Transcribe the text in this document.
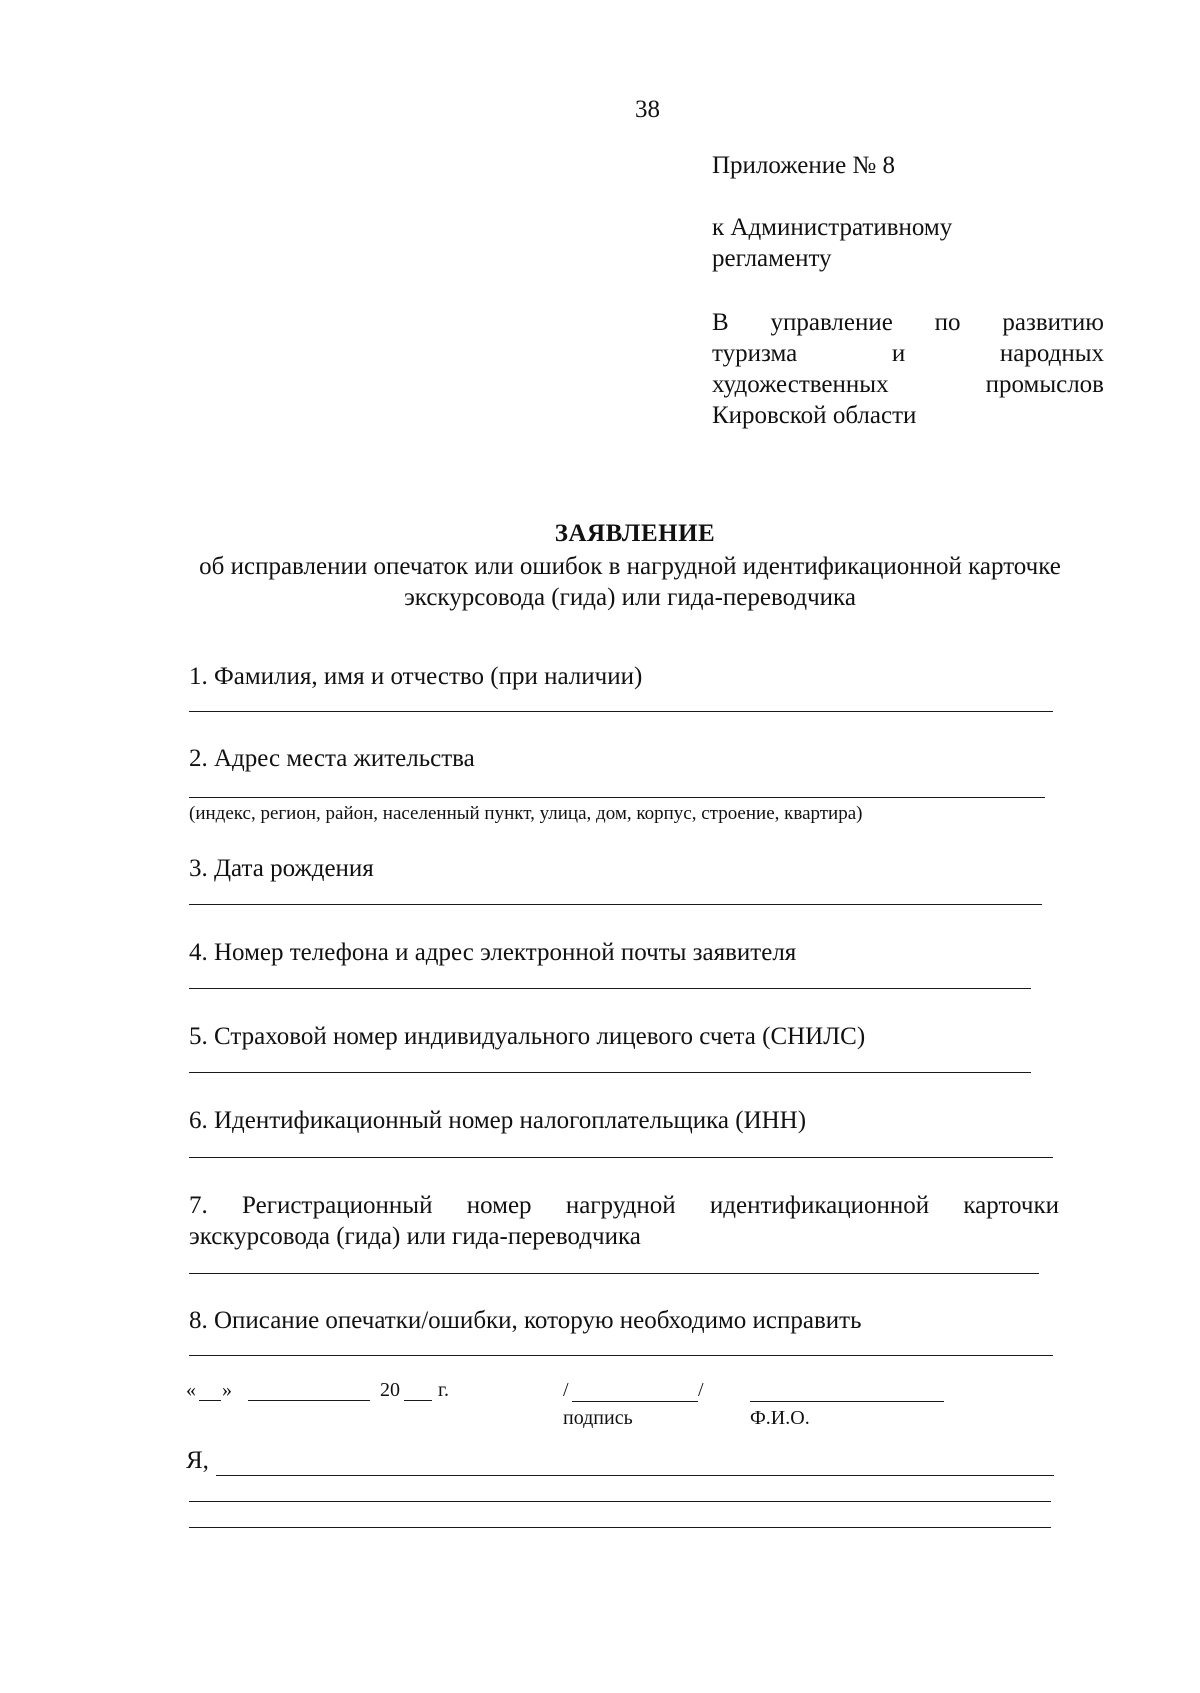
38
Приложение № 8
к Административному
регламенту
В управление по развитию
туризма и народных
художественных промыслов
Кировской области
ЗАЯВЛЕНИЕ
об исправлении опечаток или ошибок в нагрудной идентификационной карточке экскурсовода (гида) или гида-переводчика
1. Фамилия, имя и отчество (при наличии)
2. Адрес места жительства
(индекс, регион, район, населенный пункт, улица, дом, корпус, строение, квартира)
3. Дата рождения
4. Номер телефона и адрес электронной почты заявителя
5. Страховой номер индивидуального лицевого счета (СНИЛС)
6. Идентификационный номер налогоплательщика (ИНН)
7. Регистрационный номер нагрудной идентификационной карточки
экскурсовода (гида) или гида-переводчика
8. Описание опечатки/ошибки, которую необходимо исправить
« »	20 г.	/	/
подпись	Ф.И.О.
Я,
